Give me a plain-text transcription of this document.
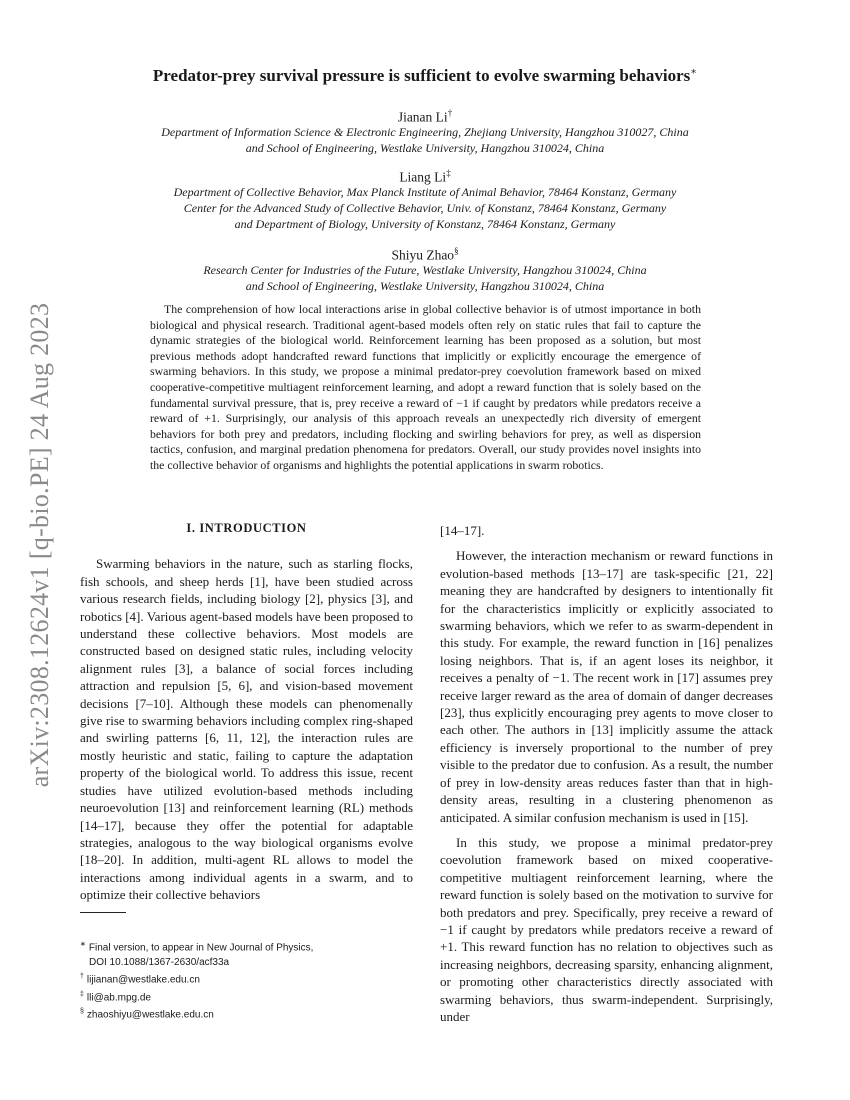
arXiv:2308.12624v1 [q-bio.PE] 24 Aug 2023
Predator-prey survival pressure is sufficient to evolve swarming behaviors∗
Jianan Li†
Department of Information Science & Electronic Engineering, Zhejiang University, Hangzhou 310027, China
and School of Engineering, Westlake University, Hangzhou 310024, China
Liang Li‡
Department of Collective Behavior, Max Planck Institute of Animal Behavior, 78464 Konstanz, Germany
Center for the Advanced Study of Collective Behavior, Univ. of Konstanz, 78464 Konstanz, Germany
and Department of Biology, University of Konstanz, 78464 Konstanz, Germany
Shiyu Zhao§
Research Center for Industries of the Future, Westlake University, Hangzhou 310024, China
and School of Engineering, Westlake University, Hangzhou 310024, China
The comprehension of how local interactions arise in global collective behavior is of utmost importance in both biological and physical research. Traditional agent-based models often rely on static rules that fail to capture the dynamic strategies of the biological world. Reinforcement learning has been proposed as a solution, but most previous methods adopt handcrafted reward functions that implicitly or explicitly encourage the emergence of swarming behaviors. In this study, we propose a minimal predator-prey coevolution framework based on mixed cooperative-competitive multiagent reinforcement learning, and adopt a reward function that is solely based on the fundamental survival pressure, that is, prey receive a reward of −1 if caught by predators while predators receive a reward of +1. Surprisingly, our analysis of this approach reveals an unexpectedly rich diversity of emergent behaviors for both prey and predators, including flocking and swirling behaviors for prey, as well as dispersion tactics, confusion, and marginal predation phenomena for predators. Overall, our study provides novel insights into the collective behavior of organisms and highlights the potential applications in swarm robotics.
I. INTRODUCTION

Swarming behaviors in the nature, such as starling flocks, fish schools, and sheep herds [1], have been studied across various research fields, including biology [2], physics [3], and robotics [4]. Various agent-based models have been proposed to understand these collective behaviors. Most models are constructed based on designed static rules, including velocity alignment rules [3], a balance of social forces including attraction and repulsion [5, 6], and vision-based movement decisions [7–10]. Although these models can phenomenally give rise to swarming behaviors including complex ring-shaped and swirling patterns [6, 11, 12], the interaction rules are mostly heuristic and static, failing to capture the adaptation property of the biological world. To address this issue, recent studies have utilized evolution-based methods including neuroevolution [13] and reinforcement learning (RL) methods [14–17], because they offer the potential for adaptable strategies, analogous to the way biological organisms evolve [18–20]. In addition, multi-agent RL allows to model the interactions among individual agents in a swarm, and to optimize their collective behaviors

[14–17].

However, the interaction mechanism or reward functions in evolution-based methods [13–17] are task-specific [21, 22] meaning they are handcrafted by designers to intentionally fit for the characteristics implicitly or explicitly associated to swarming behaviors, which we refer to as swarm-dependent in this study. For example, the reward function in [16] penalizes losing neighbors. That is, if an agent loses its neighbor, it receives a penalty of −1. The recent work in [17] assumes prey receive larger reward as the area of domain of danger decreases [23], thus explicitly encouraging prey agents to move closer to each other. The authors in [13] implicitly assume the attack efficiency is inversely proportional to the number of prey visible to the predator due to confusion. As a result, the number of prey in low-density areas reduces faster than that in high-density areas, resulting in a clustering phenomenon as anticipated. A similar confusion mechanism is used in [15].

In this study, we propose a minimal predator-prey coevolution framework based on mixed cooperative-competitive multiagent reinforcement learning, where the reward function is solely based on the motivation to survive for both predators and prey. Specifically, prey receive a reward of −1 if caught by predators while predators receive a reward of +1. This reward function has no relation to objectives such as increasing neighbors, decreasing sparsity, enhancing alignment, or promoting other characteristics directly associated with swarming behaviors, thus swarm-independent. Surprisingly, under

∗ Final version, to appear in New Journal of Physics,
DOI 10.1088/1367-2630/acf33a

† lijianan@westlake.edu.cn

‡ lli@ab.mpg.de

§ zhaoshiyu@westlake.edu.cn
